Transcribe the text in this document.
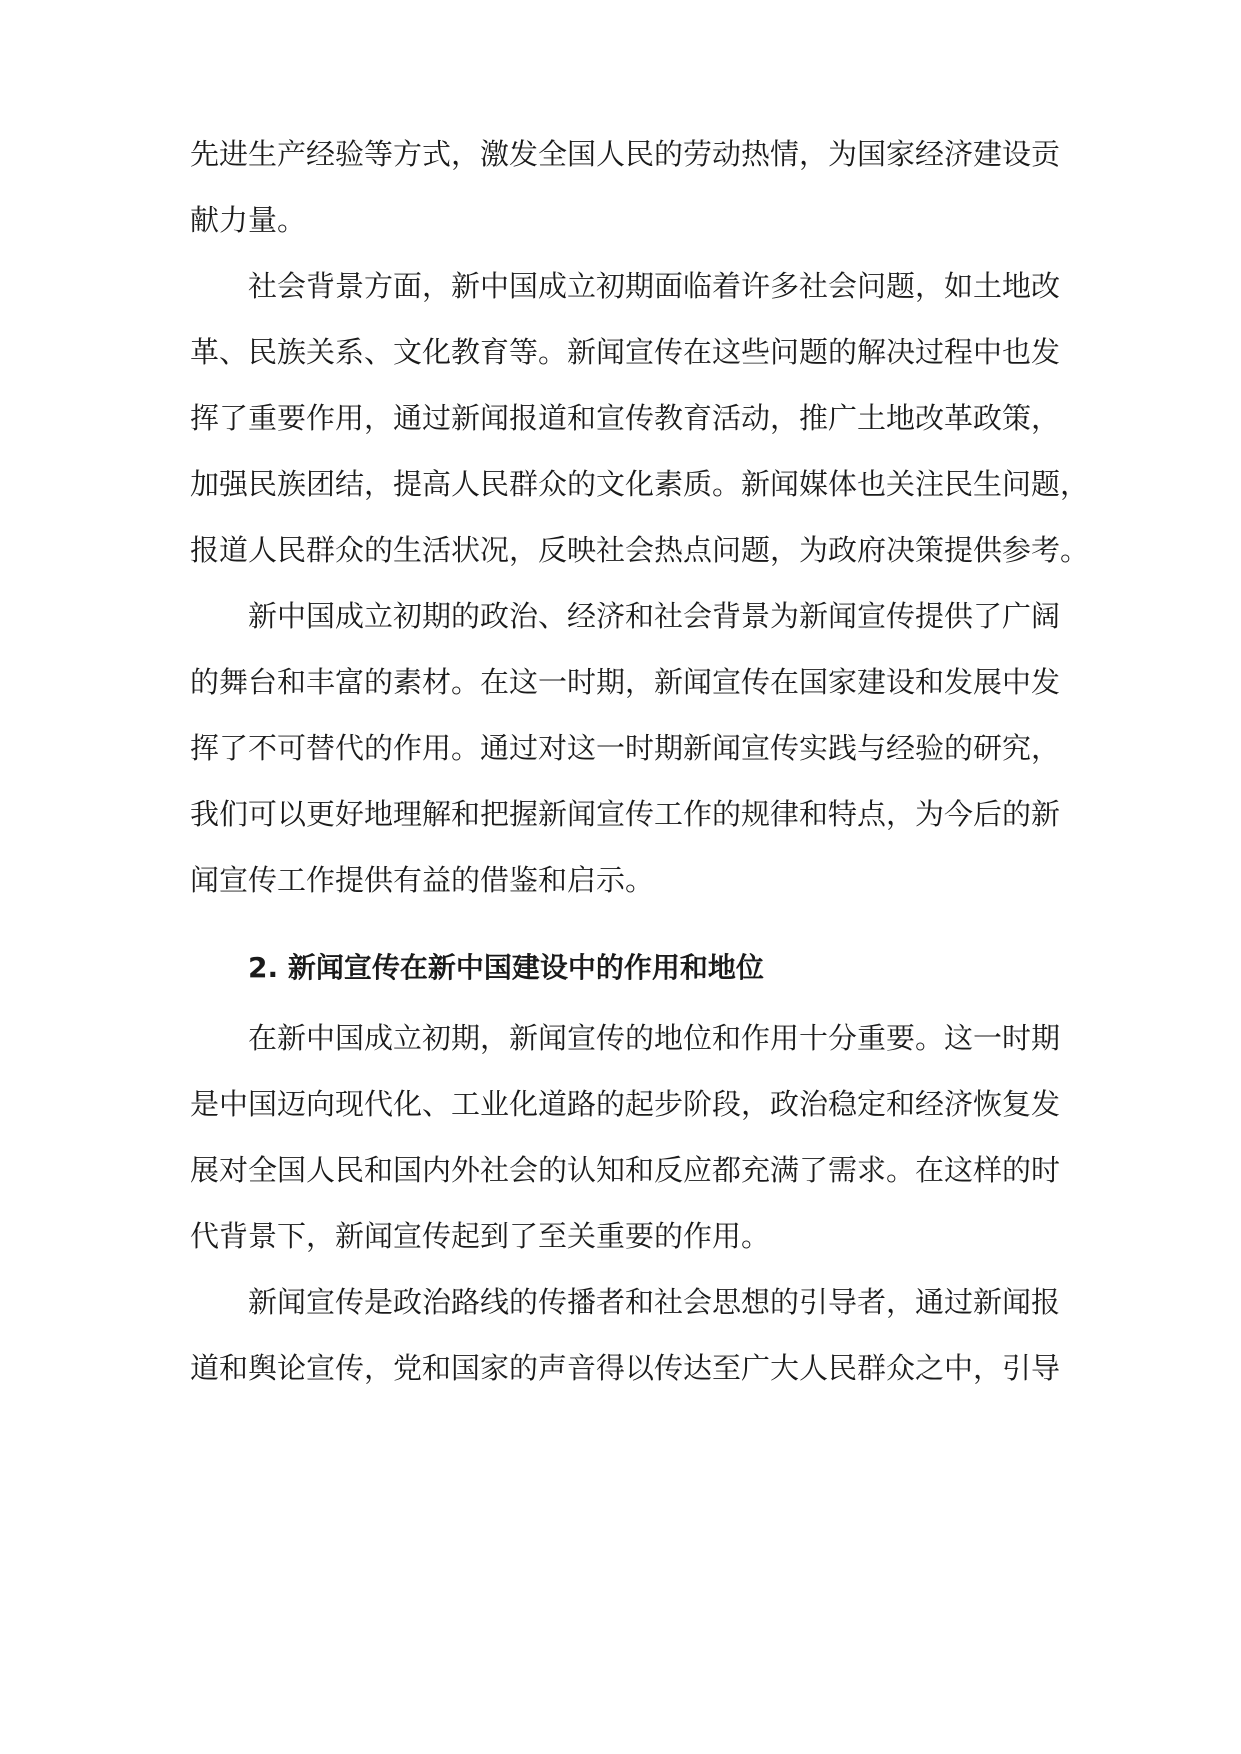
先进生产经验等方式，激发全国人民的劳动热情，为国家经济建设贡
献力量。
社会背景方面，新中国成立初期面临着许多社会问题，如土地改
革、民族关系、文化教育等。新闻宣传在这些问题的解决过程中也发
挥了重要作用，通过新闻报道和宣传教育活动，推广土地改革政策，
加强民族团结，提高人民群众的文化素质。新闻媒体也关注民生问题，
报道人民群众的生活状况，反映社会热点问题，为政府决策提供参考。
新中国成立初期的政治、经济和社会背景为新闻宣传提供了广阔
的舞台和丰富的素材。在这一时期，新闻宣传在国家建设和发展中发
挥了不可替代的作用。通过对这一时期新闻宣传实践与经验的研究，
我们可以更好地理解和把握新闻宣传工作的规律和特点，为今后的新
闻宣传工作提供有益的借鉴和启示。
2. 新闻宣传在新中国建设中的作用和地位
在新中国成立初期，新闻宣传的地位和作用十分重要。这一时期
是中国迈向现代化、工业化道路的起步阶段，政治稳定和经济恢复发
展对全国人民和国内外社会的认知和反应都充满了需求。在这样的时
代背景下，新闻宣传起到了至关重要的作用。
新闻宣传是政治路线的传播者和社会思想的引导者，通过新闻报
道和舆论宣传，党和国家的声音得以传达至广大人民群众之中，引导
